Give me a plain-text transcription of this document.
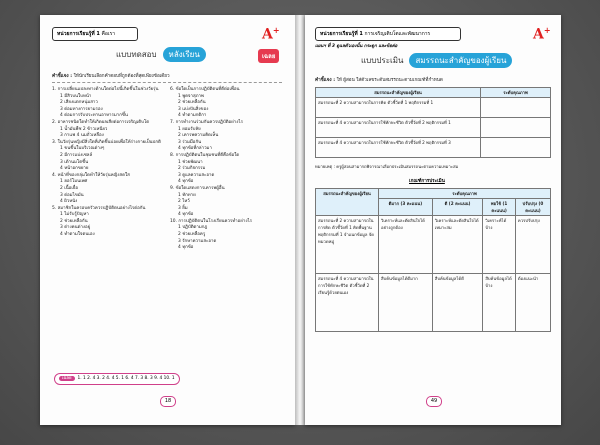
หน่วยการเรียนรู้ที่ 1 คือเรา	A+
แบบทดสอบ หลังเรียน	เฉลย
คำชี้แจง : ให้นักเรียนเลือกคำตอบที่ถูกต้องที่สุดเพียงข้อเดียว
1. การเปลี่ยนแปลงทางด้านใดต่อไปนี้เกิดขึ้นในช่วงวัยรุ่น
1 มีสิวบนใบหน้า
2 เสียงแตกหนุ่มสาว
3 ต่อมทางการยามรอง
4 ต่อมการรับประทานอาหารมากขึ้น
2. อาหารชนิดใดทำให้เกิดผลเสียต่อการเจริญเติบโต
1 น้ำมันพืช 2 ข้าวเหนียว
3 กาแฟ 4 นมถั่วเหลือง
3. ในวัยรุ่นหญิงมีสิ่งใดที่เกิดขึ้นบ่อยเพื่อให้ร่างกายเป็นปกติ
1 ขนขึ้นในบริเวณต่างๆ
2 มีการแบ่งเซลล์
3 เต้านมโตขึ้น
4 หน้าอกขยาย
4. หน้าที่ของกลุ่มใดทำให้วัยรุ่นหญิงสดใส
1 ฮอร์โมนเพศ
2 เนื้อเยื่อ
3 ต่อมไขมัน
4 ผิวหนัง
5. สมาชิกในครอบครัวควรปฏิบัติตนอย่างไรต่อกัน
1 ไม่รับรู้ปัญหา
2 ช่วยเหลือกัน
3 ต่างคนต่างอยู่
4 ทำตามใจตนเอง
6. ข้อใดเป็นการปฏิบัติตนที่ดีต่อเพื่อน
1 พูดจาสุภาพ
2 ช่วยเหลือกัน
3 แบ่งปันสิ่งของ
4 ทำตามกติกา
7. การทำงานร่วมกันควรปฏิบัติอย่างไร
1 ยอมรับฟัง
2 เคารพความคิดเห็น
3 ร่วมมือกัน
4 ทุกข้อที่กล่าวมา
8. การปฏิบัติตนในชุมชนที่ดีคือข้อใด
1 ช่วยพัฒนา
2 ร่วมกิจกรรม
3 ดูแลความสะอาด
4 ทุกข้อ
9. ข้อใดแสดงการเคารพผู้อื่น
1 ทักทาย
2 ไหว้
3 ยิ้ม
4 ทุกข้อ
10. การปฏิบัติตนในโรงเรียนควรทำอย่างไร
1 ปฏิบัติตามกฎ
2 ช่วยเหลือครู
3 รักษาความสะอาด
4 ทุกข้อ
เฉลย 1. 1 2. 4 3. 2 4. 4 5. 1 6. 4 7. 3 8. 3 9. 4 10. 1
18
หน่วยการเรียนรู้ที่ 1 การเจริญเติบโตและพัฒนาการ	A+
แผนฯ ที่ 3 ดูแลตัวเองนั้น กระดูก และข้อต่อ
แบบประเมิน สมรรถนะสำคัญของผู้เรียน
คำชี้แจง : ให้ ผู้สอน ใส่ตัวเลขระดับสมรรถนะตามเกณฑ์ที่กำหนด
สมรรถนะสำคัญของผู้เรียน	ระดับคุณภาพ
สมรรถนะที่ 2 ความสามารถในการคิด ตัวชี้วัดที่ 1 พฤติกรรมที่ 1	
สมรรถนะที่ 4 ความสามารถในการใช้ทักษะชีวิต ตัวชี้วัดที่ 2 พฤติกรรมที่ 1	
สมรรถนะที่ 4 ความสามารถในการใช้ทักษะชีวิต ตัวชี้วัดที่ 2 พฤติกรรมที่ 3	
หมายเหตุ : ครูผู้สอนสามารถพิจารณาเลือกประเมินสมรรถนะตามความเหมาะสม
เกณฑ์การประเมิน
สมรรถนะสำคัญของผู้เรียน	ระดับคุณภาพ			
	ดีมาก (3 คะแนน)	ดี (2 คะแนน)	พอใช้ (1 คะแนน)	ปรับปรุง (0 คะแนน)
สมรรถนะที่ 2 ความสามารถในการคิด ตัวชี้วัดที่ 1 คิดพื้นฐาน พฤติกรรมที่ 1 จำแนกข้อมูล จัดหมวดหมู่	วิเคราะห์และตัดสินใจได้อย่างถูกต้อง	วิเคราะห์และตัดสินใจได้เหมาะสม	วิเคราะห์ได้บ้าง	ควรปรับปรุง
สมรรถนะที่ 4 ความสามารถในการใช้ทักษะชีวิต ตัวชี้วัดที่ 2 เรียนรู้ด้วยตนเอง	สืบค้นข้อมูลได้ดีมาก	สืบค้นข้อมูลได้ดี	สืบค้นข้อมูลได้บ้าง	ต้องแนะนำ
49
